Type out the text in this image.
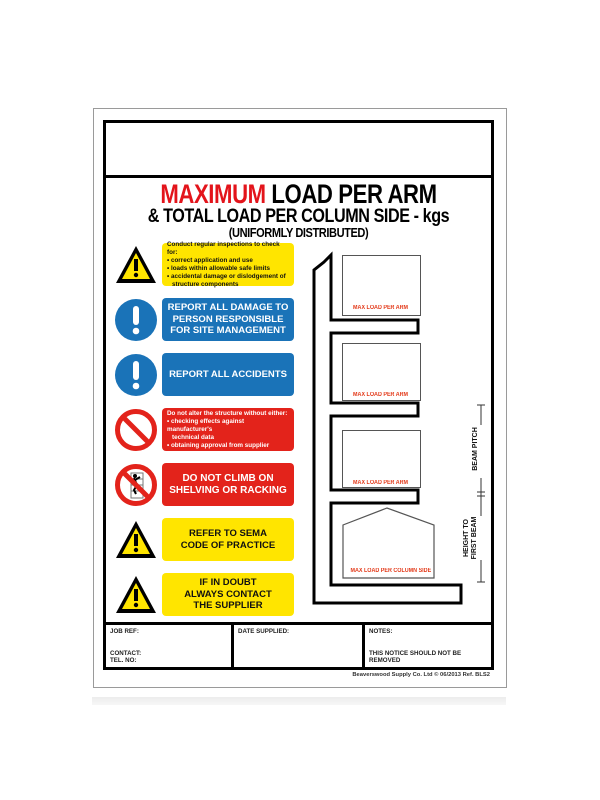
MAXIMUM LOAD PER ARM
& TOTAL LOAD PER COLUMN SIDE - kgs
(UNIFORMLY DISTRIBUTED)
Conduct regular inspections to check for:
• correct application and use
• loads within allowable safe limits
• accidental damage or dislodgement of
structure components
REPORT ALL DAMAGE TO
PERSON RESPONSIBLE
FOR SITE MANAGEMENT
REPORT ALL ACCIDENTS
Do not alter the structure without either:
• checking effects against manufacturer's
technical data
• obtaining approval from supplier
DO NOT CLIMB ON
SHELVING OR RACKING
REFER TO SEMA
CODE OF PRACTICE
IF IN DOUBT
ALWAYS CONTACT
THE SUPPLIER
MAX LOAD PER ARM
MAX LOAD PER ARM
MAX LOAD PER ARM
MAX LOAD PER COLUMN SIDE
BEAM PITCH
HEIGHT TO FIRST BEAM
JOB REF:
CONTACT:
TEL. NO:
DATE SUPPLIED:	NOTES:
THIS NOTICE SHOULD NOT BE REMOVED
Beaverswood Supply Co. Ltd © 06/2013 Ref. BLS2
